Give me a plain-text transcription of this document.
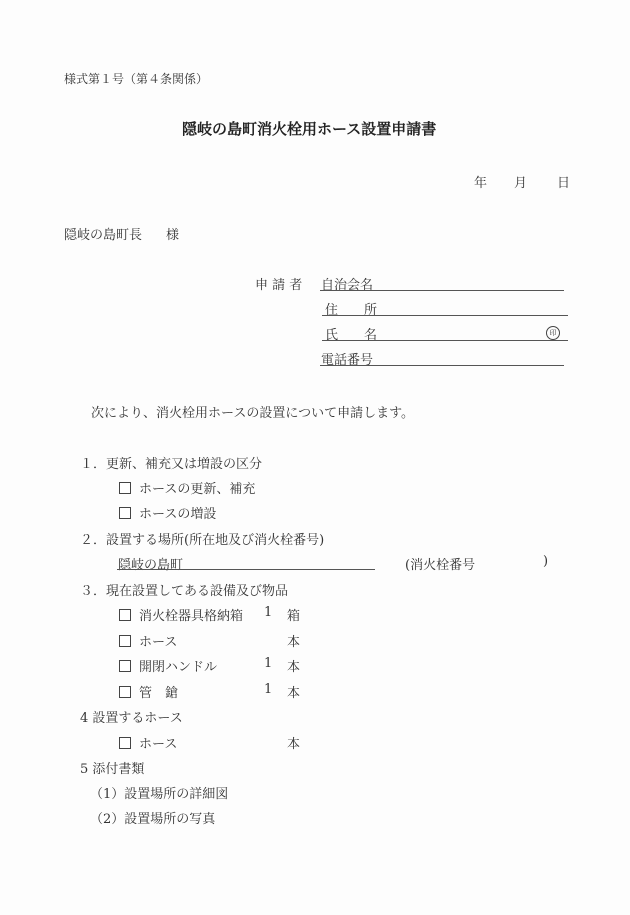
様式第１号（第４条関係）
隠岐の島町消火栓用ホース設置申請書
年 月 日
隠岐の島町長 様
申 請 者 自治会名
住　　所
氏　　名	印
電話番号
次により、消火栓用ホースの設置について申請します。
１．更新、補充又は増設の区分
ホースの更新、補充
ホースの増設
２．設置する場所(所在地及び消火栓番号)
隠岐の島町	(消火栓番号	)
３．現在設置してある設備及び物品
消火栓器具格納箱 1 箱
ホース	本
開閉ハンドル	1 本
管　鎗	1 本
4 設置するホース
ホース	本
5 添付書類
（1）設置場所の詳細図
（2）設置場所の写真
